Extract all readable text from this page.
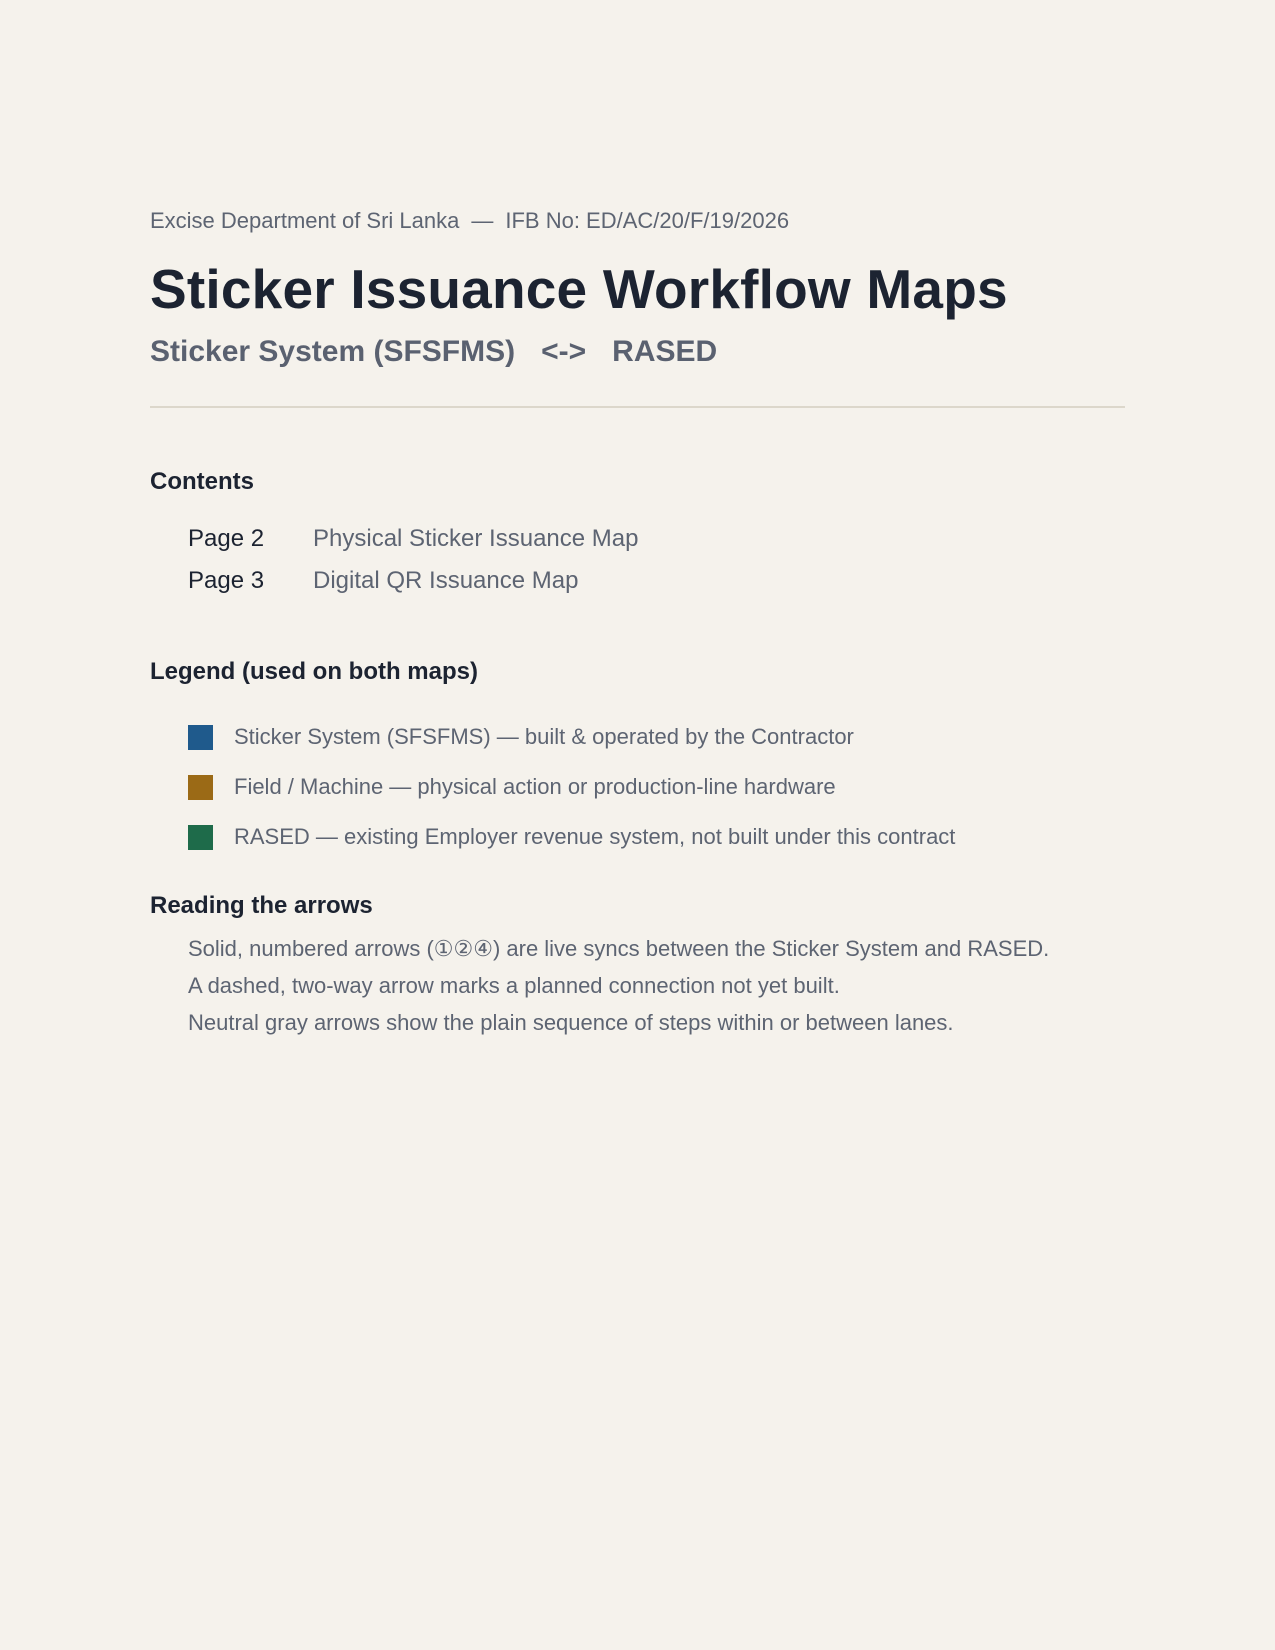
Excise Department of Sri Lanka — IFB No: ED/AC/20/F/19/2026
Sticker Issuance Workflow Maps
Sticker System (SFSFMS) <-> RASED
Contents
Page 2	Physical Sticker Issuance Map
Page 3	Digital QR Issuance Map
Legend (used on both maps)
Sticker System (SFSFMS) — built & operated by the Contractor
Field / Machine — physical action or production-line hardware
RASED — existing Employer revenue system, not built under this contract
Reading the arrows
Solid, numbered arrows (①②④) are live syncs between the Sticker System and RASED.
A dashed, two-way arrow marks a planned connection not yet built.
Neutral gray arrows show the plain sequence of steps within or between lanes.
